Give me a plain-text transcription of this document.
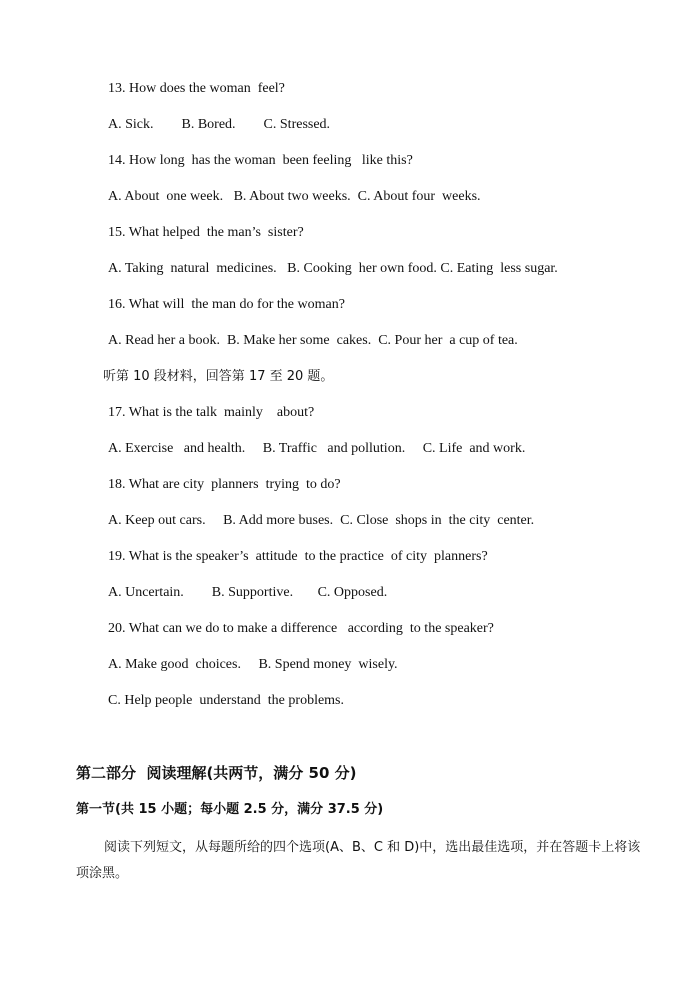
13. How does the woman  feel?
A. Sick.        B. Bored.        C. Stressed.
14. How long  has the woman  been feeling   like this?
A. About  one week.   B. About two weeks.  C. About four  weeks.
15. What helped  the man’s  sister?
A. Taking  natural  medicines.   B. Cooking  her own food. C. Eating  less sugar.
16. What will  the man do for the woman?
A. Read her a book.  B. Make her some  cakes.  C. Pour her  a cup of tea.
听第 10 段材料，回答第 17 至 20 题。
17. What is the talk  mainly    about?
A. Exercise   and health.     B. Traffic   and pollution.     C. Life  and work.
18. What are city  planners  trying  to do?
A. Keep out cars.     B. Add more buses.  C. Close  shops in  the city  center.
19. What is the speaker’s  attitude  to the practice  of city  planners?
A. Uncertain.        B. Supportive.       C. Opposed.
20. What can we do to make a difference   according  to the speaker?
A. Make good  choices.     B. Spend money  wisely.
C. Help people  understand  the problems.
第二部分  阅读理解(共两节，满分 50 分)
第一节(共 15 小题；每小题 2.5 分，满分 37.5 分)
阅读下列短文，从每题所给的四个选项(A、B、C 和 D)中，选出最佳选项，并在答题卡上将该项涂黑。
